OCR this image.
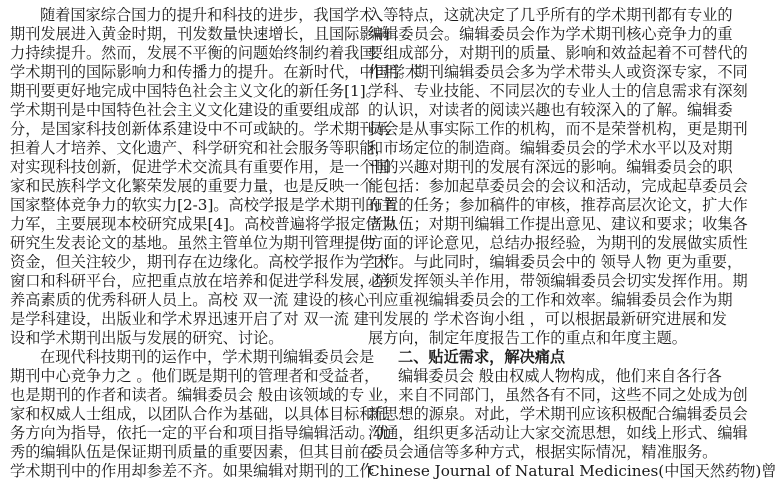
随着国家综合国力的提升和科技的进步，我国学术
期刊发展进入黄金时期，刊发数量快速增长，且国际影响
力持续提升。然而，发展不平衡的问题始终制约着我国
学术期刊的国际影响力和传播力的提升。在新时代，中国学术
期刊要更好地完成中国特色社会主义文化的新任务[1]。
学术期刊是中国特色社会主义文化建设的重要组成部
分，是国家科技创新体系建设中不可或缺的。学术期刊承
担着人才培养、文化遗产、科学研究和社会服务等职能，
对实现科技创新，促进学术交流具有重要作用，是一个国
家和民族科学文化繁荣发展的重要力量，也是反映一个
国家整体竞争力的软实力[2-3]。高校学报是学术期刊的主
力军，主要展现本校研究成果[4]。高校普遍将学报定位为
研究生发表论文的基地。虽然主管单位为期刊管理提供
资金，但关注较少，期刊存在边缘化。高校学报作为学术
窗口和科研平台，应把重点放在培养和促进学科发展，培
养高素质的优秀科研人员上。高校 双一流 建设的核心
是学科建设，出版业和学术界迅速开启了对 双一流 建
设和学术期刊出版与发展的研究、讨论。
在现代科技期刊的运作中，学术期刊编辑委员会是
期刊中心竞争力之 。他们既是期刊的管理者和受益者，
也是期刊的作者和读者。编辑委员会 般由该领域的专
家和权威人士组成，以团队合作为基础，以具体目标和任
务方向为指导，依托一定的平台和项目指导编辑活动。优
秀的编辑队伍是保证期刊质量的重要因素，但其目前在
学术期刊中的作用却参差不齐。如果编辑对期刊的工作
入等特点，这就决定了几乎所有的学术期刊都有专业的
编辑委员会。编辑委员会作为学术期刊核心竞争力的重
要组成部分，对期刊的质量、影响和效益起着不可替代的
作用。期刊编辑委员会多为学术带头人或资深专家，不同
学科、专业技能、不同层次的专业人士的信息需求有深刻
的认识，对读者的阅读兴趣也有较深入的了解。编辑委
员会是从事实际工作的机构，而不是荣誉机构，更是期刊
和市场定位的制造商。编辑委员会的学术水平以及对期
刊的兴趣对期刊的发展有深远的影响。编辑委员会的职
能包括：参加起草委员会的会议和活动，完成起草委员会
布置的任务；参加稿件的审核，推荐高层次论文，扩大作
者队伍；对期刊编辑工作提出意见、建议和要求；收集各
方面的评论意见，总结办报经验，为期刊的发展做实质性
工作。与此同时，编辑委员会中的 领导人物 更为重要，
必须发挥领头羊作用，带领编辑委员会切实发挥作用。期
刊应重视编辑委员会的工作和效率。编辑委员会作为期
刊发展的 学术咨询小组 ，可以根据最新研究进展和发
展方向，制定年度报告工作的重点和年度主题。
二、贴近需求，解决痛点
编辑委员会 般由权威人物构成，他们来自各行各
业，来自不同部门，虽然各有不同，这些不同之处成为创
新思想的源泉。对此，学术期刊应该积极配合编辑委员会
沟通，组织更多活动让大家交流思想，如线上形式、编辑
委员会通信等多种方式，根据实际情况，精准服务。
Chinese Journal of Natural Medicines(中国天然药物)曾
